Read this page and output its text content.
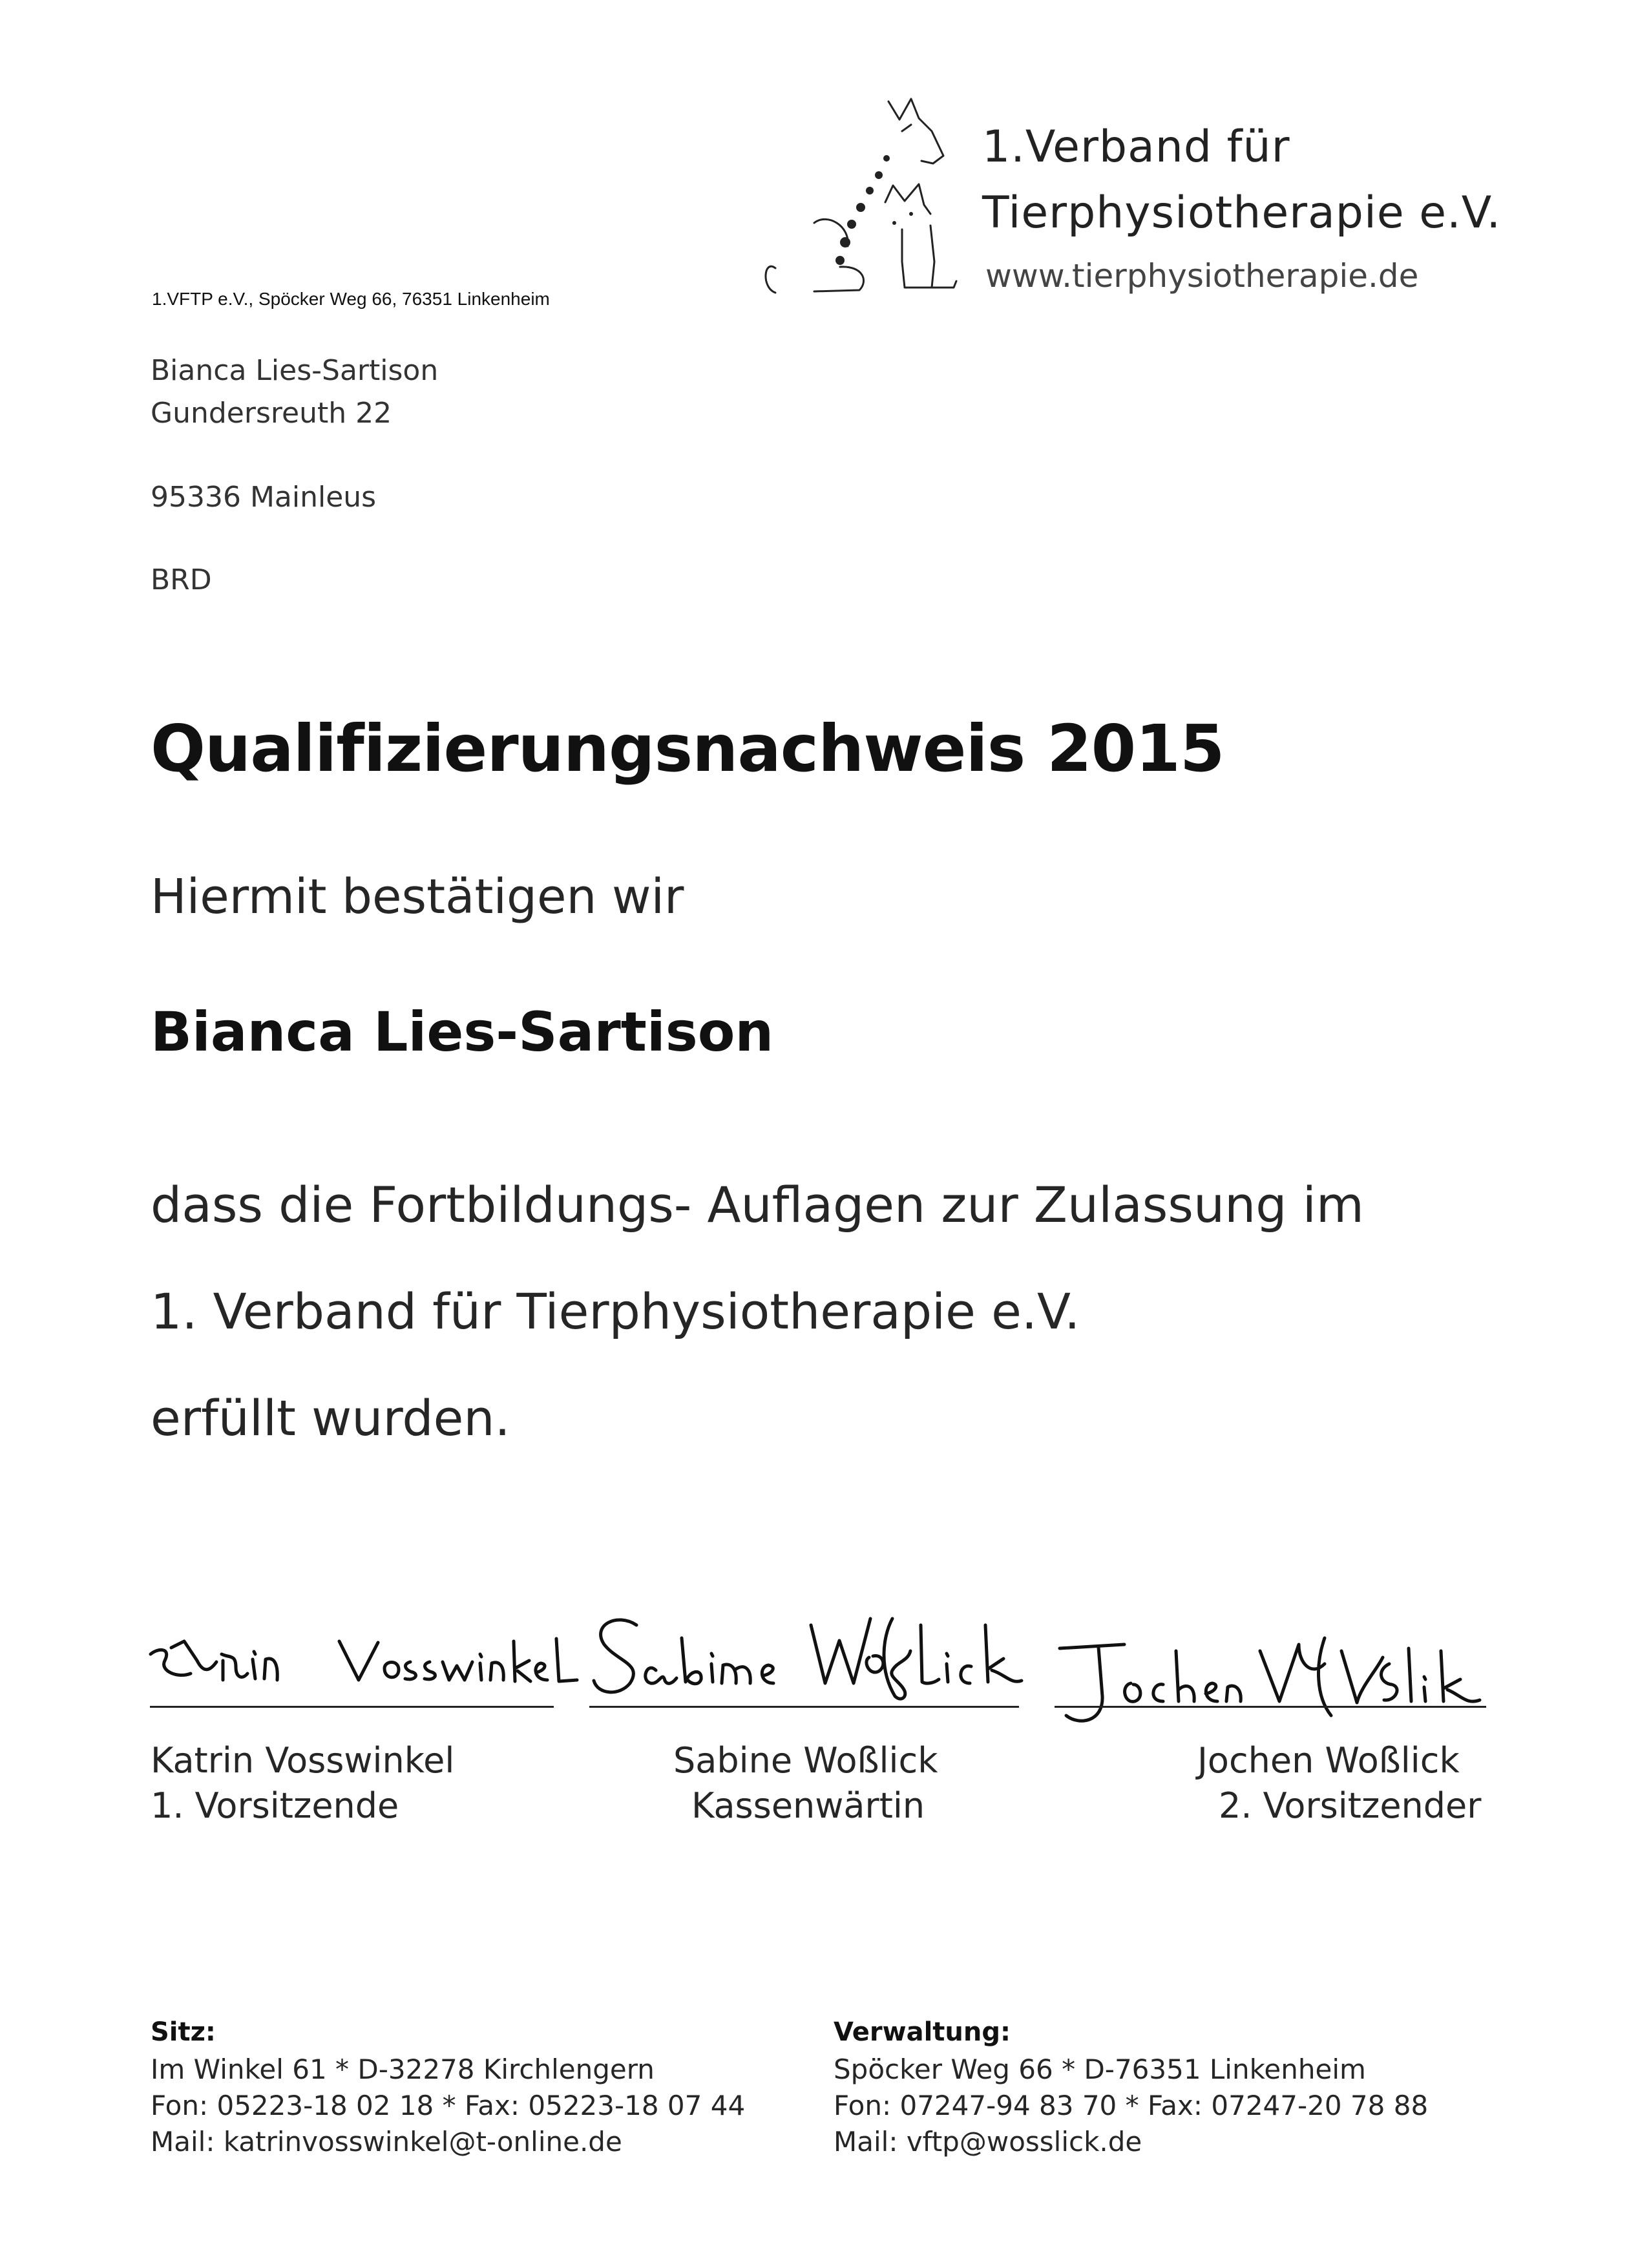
1.Verband für
Tierphysiotherapie e.V.
www.tierphysiotherapie.de
1.VFTP e.V., Spöcker Weg 66, 76351 Linkenheim
Bianca Lies-Sartison
Gundersreuth 22
95336 Mainleus
BRD
Qualifizierungsnachweis 2015
Hiermit bestätigen wir
Bianca Lies-Sartison
dass die Fortbildungs- Auflagen zur Zulassung im
1. Verband für Tierphysiotherapie e.V.
erfüllt wurden.
Katrin Vosswinkel
1. Vorsitzende
Sabine Woßlick
Kassenwärtin
Jochen Woßlick
2. Vorsitzender
Sitz:
Im Winkel 61 * D-32278 Kirchlengern
Fon: 05223-18 02 18 * Fax: 05223-18 07 44
Mail: katrinvosswinkel@t-online.de
Verwaltung:
Spöcker Weg 66 * D-76351 Linkenheim
Fon: 07247-94 83 70 * Fax: 07247-20 78 88
Mail: vftp@wosslick.de
